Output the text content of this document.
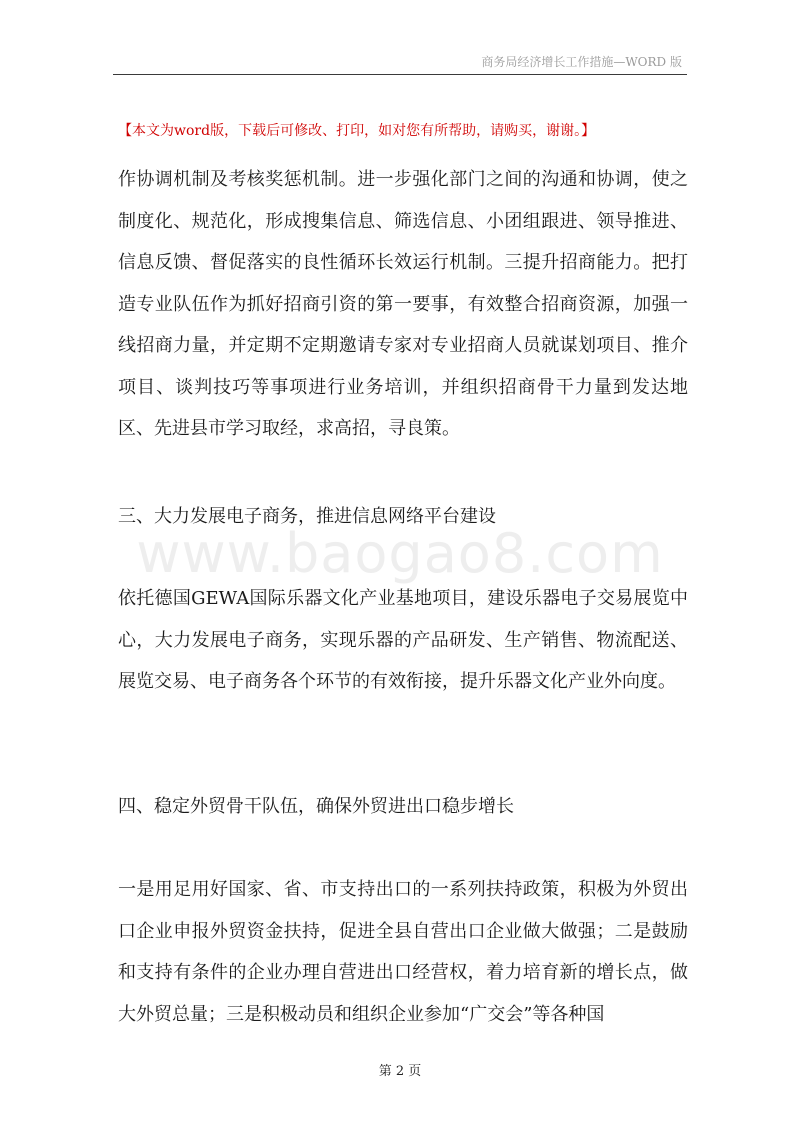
商务局经济增长工作措施—WORD 版
【本文为word版，下载后可修改、打印，如对您有所帮助，请购买，谢谢。】
www.baogao8.com

作协调机制及考核奖惩机制。进一步强化部门之间的沟通和协调，使之制度化、规范化，形成搜集信息、筛选信息、小团组跟进、领导推进、信息反馈、督促落实的良性循环长效运行机制。三提升招商能力。把打造专业队伍作为抓好招商引资的第一要事，有效整合招商资源，加强一线招商力量，并定期不定期邀请专家对专业招商人员就谋划项目、推介项目、谈判技巧等事项进行业务培训，并组织招商骨干力量到发达地区、先进县市学习取经，求高招，寻良策。

三、大力发展电子商务，推进信息网络平台建设

依托德国GEWA国际乐器文化产业基地项目，建设乐器电子交易展览中心，大力发展电子商务，实现乐器的产品研发、生产销售、物流配送、展览交易、电子商务各个环节的有效衔接，提升乐器文化产业外向度。

四、稳定外贸骨干队伍，确保外贸进出口稳步增长

一是用足用好国家、省、市支持出口的一系列扶持政策，积极为外贸出口企业申报外贸资金扶持，促进全县自营出口企业做大做强；二是鼓励和支持有条件的企业办理自营进出口经营权，着力培育新的增长点，做大外贸总量；三是积极动员和组织企业参加“广交会”等各种国

第 2 页
